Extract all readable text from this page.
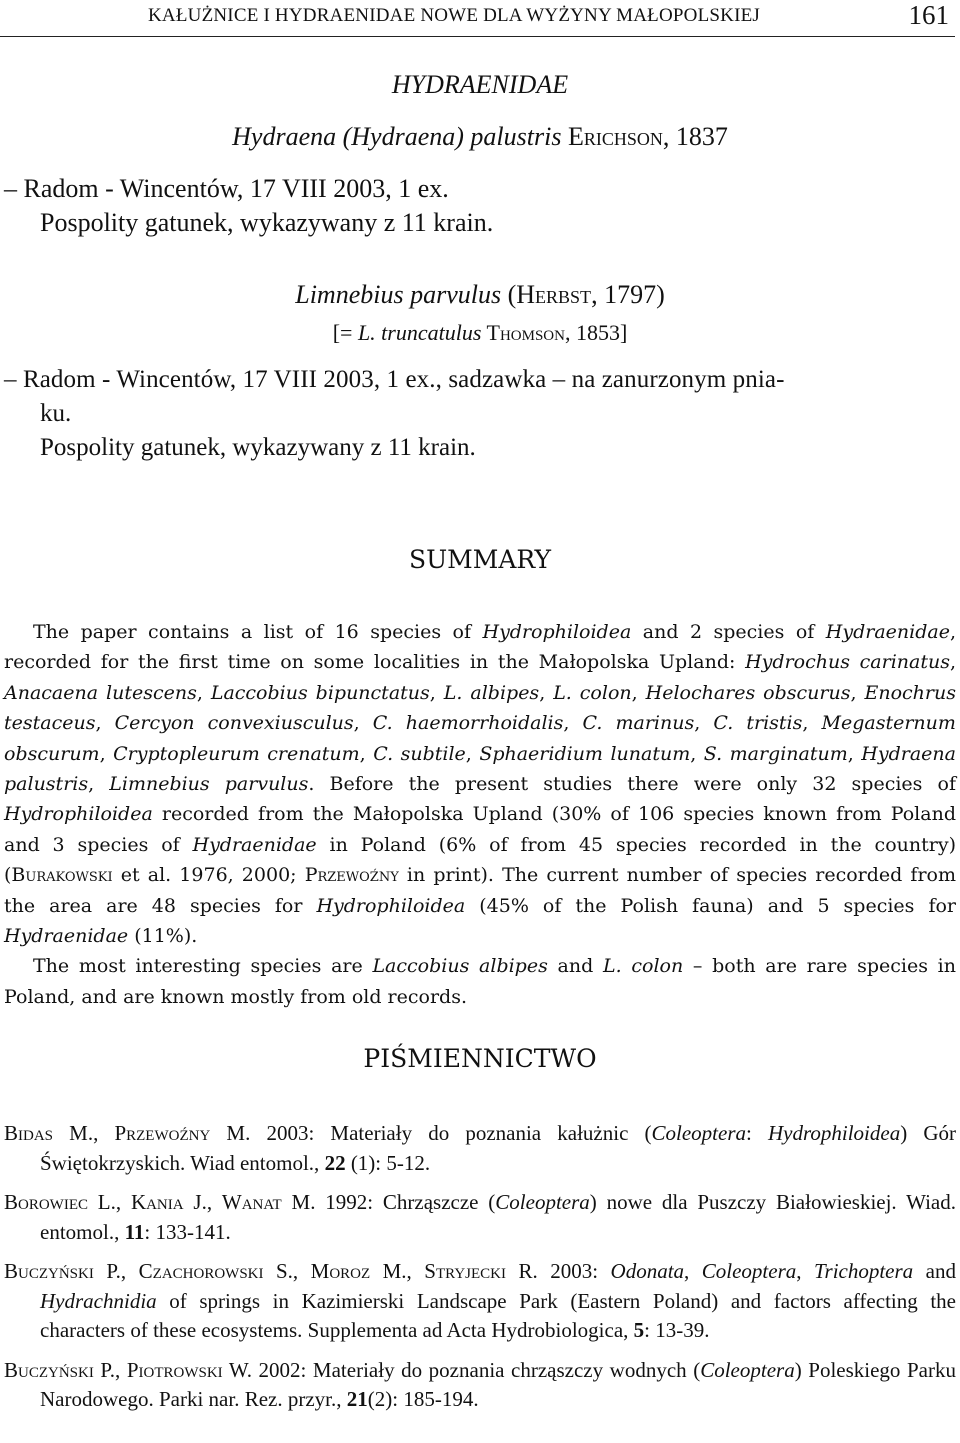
KAŁUŻNICE I HYDRAENIDAE NOWE DLA WYŻYNY MAŁOPOLSKIEJ	161
HYDRAENIDAE
Hydraena (Hydraena) palustris Erichson, 1837
– Radom - Wincentów, 17 VIII 2003, 1 ex.
Pospolity gatunek, wykazywany z 11 krain.
Limnebius parvulus (Herbst, 1797)
[= L. truncatulus Thomson, 1853]
– Radom - Wincentów, 17 VIII 2003, 1 ex., sadzawka – na zanurzonym pnia-
ku.
Pospolity gatunek, wykazywany z 11 krain.
SUMMARY

The paper contains a list of 16 species of Hydrophiloidea and 2 species of Hydraenidae, recorded for the first time on some localities in the Małopolska Upland: Hydrochus carinatus, Anacaena lutescens, Laccobius bipunctatus, L. albipes, L. colon, Helochares obscurus, Enochrus testaceus, Cercyon convexiusculus, C. haemorrhoidalis, C. marinus, C. tristis, Megasternum obscurum, Cryptopleurum crenatum, C. subtile, Sphaeridium lunatum, S. marginatum, Hydraena palustris, Limnebius parvulus. Before the present studies there were only 32 species of Hydrophiloidea recorded from the Małopolska Upland (30% of 106 species known from Poland and 3 species of Hydraenidae in Poland (6% of from 45 species recorded in the country) (Burakowski et al. 1976, 2000; Przewoźny in print). The current number of species recorded from the area are 48 species for Hydrophiloidea (45% of the Polish fauna) and 5 species for Hydraenidae (11%).

The most interesting species are Laccobius albipes and L. colon – both are rare species in Poland, and are known mostly from old records.

PIŚMIENNICTWO

Bidas M., Przewoźny M. 2003: Materiały do poznania kałużnic (Coleoptera: Hydrophiloidea) Gór Świętokrzyskich. Wiad entomol., 22 (1): 5-12.

Borowiec L., Kania J., Wanat M. 1992: Chrząszcze (Coleoptera) nowe dla Puszczy Białowieskiej. Wiad. entomol., 11: 133-141.

Buczyński P., Czachorowski S., Moroz M., Stryjecki R. 2003: Odonata, Coleoptera, Trichoptera and Hydrachnidia of springs in Kazimierski Landscape Park (Eastern Poland) and factors affecting the characters of these ecosystems. Supplementa ad Acta Hydrobiologica, 5: 13-39.

Buczyński P., Piotrowski W. 2002: Materiały do poznania chrząszczy wodnych (Coleoptera) Poleskiego Parku Narodowego. Parki nar. Rez. przyr., 21(2): 185-194.
